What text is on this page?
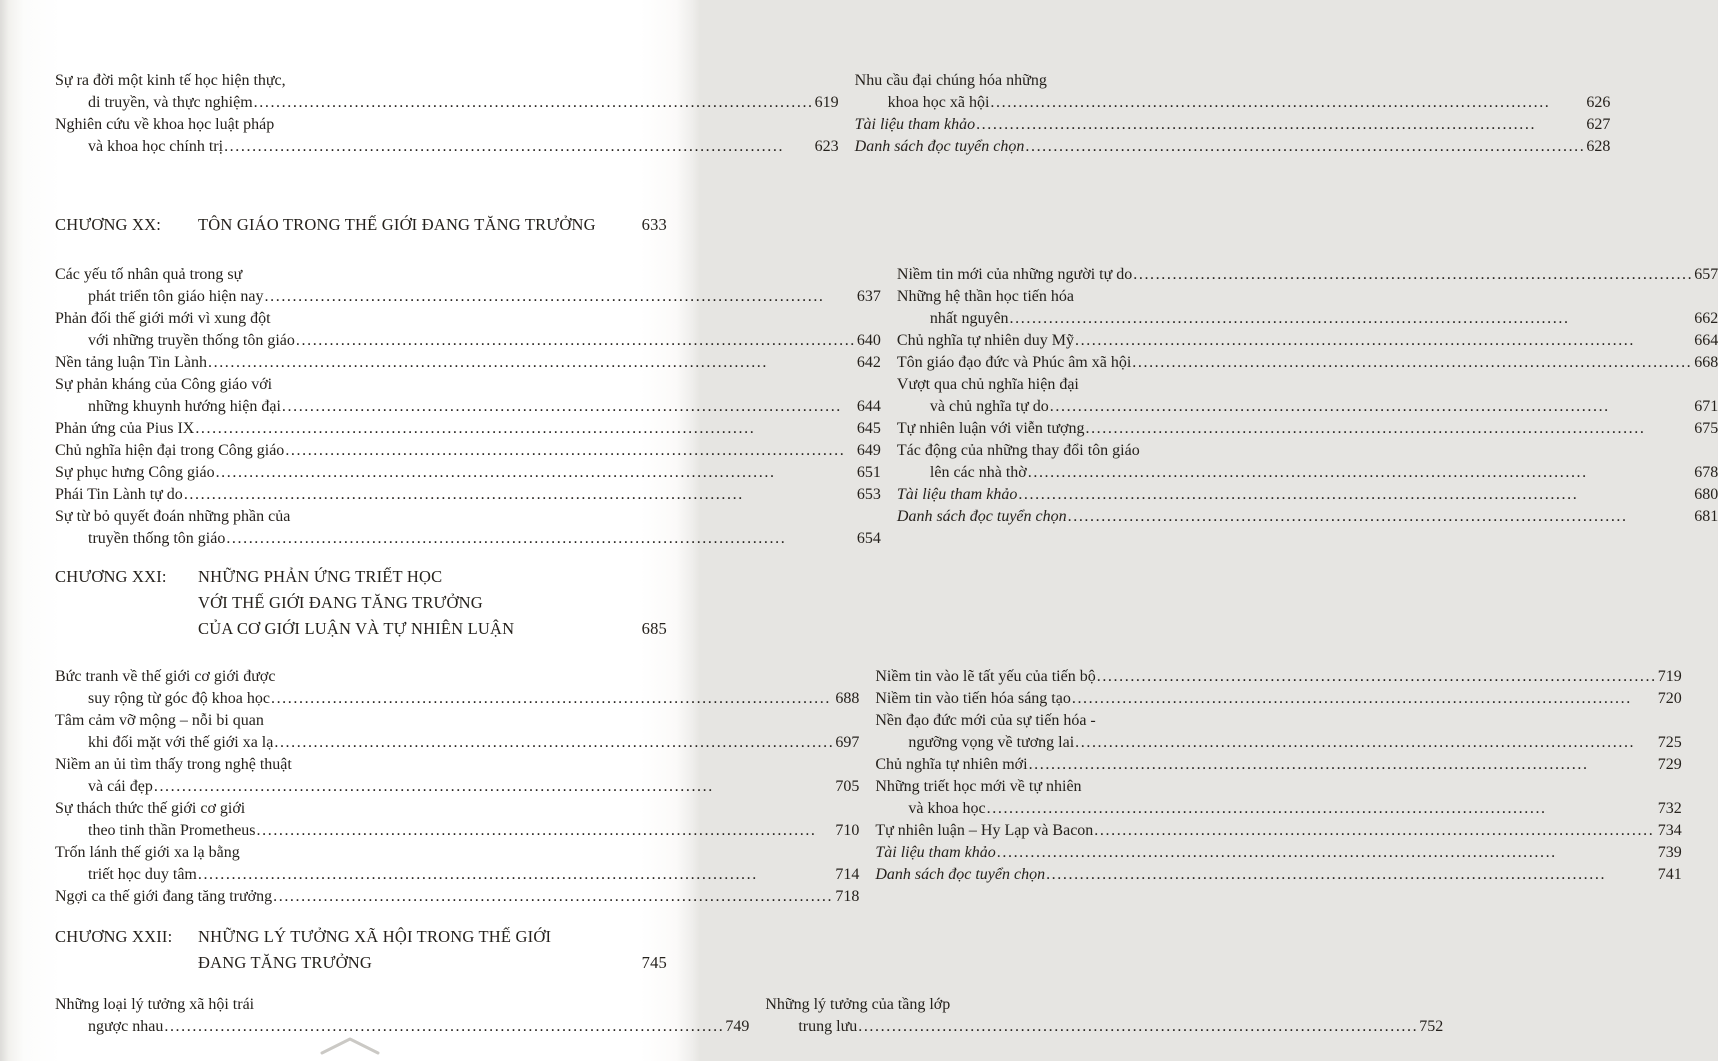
Sự ra đời một kinh tế học hiện thực,
di truyền, và thực nghiệm .....	619
Nghiên cứu về khoa học luật pháp
và khoa học chính trị .....	623
Nhu cầu đại chúng hóa những
khoa học xã hội .....	626
Tài liệu tham khảo .....	627
Danh sách đọc tuyển chọn .....	628
CHƯƠNG XX:	TÔN GIÁO TRONG THẾ GIỚI ĐANG TĂNG TRƯỞNG	633
Các yếu tố nhân quả trong sự
phát triển tôn giáo hiện nay .....	637
Phản đối thế giới mới vì xung đột
với những truyền thống tôn giáo .....	640
Nền tảng luận Tin Lành .....	642
Sự phản kháng của Công giáo với
những khuynh hướng hiện đại .....	644
Phản ứng của Pius IX .....	645
Chủ nghĩa hiện đại trong Công giáo .....	649
Sự phục hưng Công giáo .....	651
Phái Tin Lành tự do .....	653
Sự từ bỏ quyết đoán những phần của
truyền thống tôn giáo .....	654
Niềm tin mới của những người tự do .....	657
Những hệ thần học tiến hóa
nhất nguyên .....	662
Chủ nghĩa tự nhiên duy Mỹ .....	664
Tôn giáo đạo đức và Phúc âm xã hội .....	668
Vượt qua chủ nghĩa hiện đại
và chủ nghĩa tự do .....	671
Tự nhiên luận với viễn tượng .....	675
Tác động của những thay đổi tôn giáo
lên các nhà thờ .....	678
Tài liệu tham khảo .....	680
Danh sách đọc tuyển chọn .....	681
CHƯƠNG XXI:	NHỮNG PHẢN ỨNG TRIẾT HỌC
VỚI THẾ GIỚI ĐANG TĂNG TRƯỞNG
CỦA CƠ GIỚI LUẬN VÀ TỰ NHIÊN LUẬN	685
Bức tranh về thế giới cơ giới được
suy rộng từ góc độ khoa học .....	688
Tâm cảm vỡ mộng – nỗi bi quan
khi đối mặt với thế giới xa lạ .....	697
Niềm an ủi tìm thấy trong nghệ thuật
và cái đẹp .....	705
Sự thách thức thế giới cơ giới
theo tinh thần Prometheus .....	710
Trốn lánh thế giới xa lạ bằng
triết học duy tâm .....	714
Ngợi ca thế giới đang tăng trưởng .....	718
Niềm tin vào lẽ tất yếu của tiến bộ .....	719
Niềm tin vào tiến hóa sáng tạo .....	720
Nền đạo đức mới của sự tiến hóa -
ngưỡng vọng về tương lai .....	725
Chủ nghĩa tự nhiên mới .....	729
Những triết học mới về tự nhiên
và khoa học .....	732
Tự nhiên luận – Hy Lạp và Bacon .....	734
Tài liệu tham khảo .....	739
Danh sách đọc tuyển chọn .....	741
CHƯƠNG XXII:	NHỮNG LÝ TƯỞNG XÃ HỘI TRONG THẾ GIỚI
ĐANG TĂNG TRƯỞNG	745
Những loại lý tưởng xã hội trái
ngược nhau .....	749
Những lý tưởng của tầng lớp
trung lưu .....	752
